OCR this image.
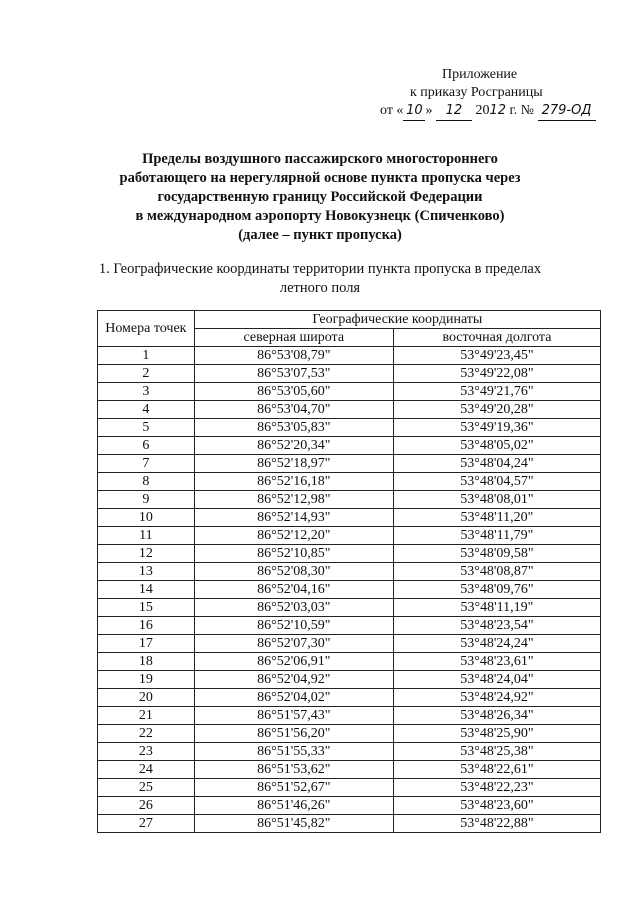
Приложение
к приказу Росграницы
от « 10 » 12 2012 г. № 279-ОД
Пределы воздушного пассажирского многостороннего
работающего на нерегулярной основе пункта пропуска через
государственную границу Российской Федерации
в международном аэропорту Новокузнецк (Спиченково)
(далее – пункт пропуска)
1. Географические координаты территории пункта пропуска в пределах летного поля
Номера точек	Географические координаты	
	северная широта	восточная долгота
1	86°53'08,79"	53°49'23,45"
2	86°53'07,53"	53°49'22,08"
3	86°53'05,60"	53°49'21,76"
4	86°53'04,70"	53°49'20,28"
5	86°53'05,83"	53°49'19,36"
6	86°52'20,34"	53°48'05,02"
7	86°52'18,97"	53°48'04,24"
8	86°52'16,18"	53°48'04,57"
9	86°52'12,98"	53°48'08,01"
10	86°52'14,93"	53°48'11,20"
11	86°52'12,20"	53°48'11,79"
12	86°52'10,85"	53°48'09,58"
13	86°52'08,30"	53°48'08,87"
14	86°52'04,16"	53°48'09,76"
15	86°52'03,03"	53°48'11,19"
16	86°52'10,59"	53°48'23,54"
17	86°52'07,30"	53°48'24,24"
18	86°52'06,91"	53°48'23,61"
19	86°52'04,92"	53°48'24,04"
20	86°52'04,02"	53°48'24,92"
21	86°51'57,43"	53°48'26,34"
22	86°51'56,20"	53°48'25,90"
23	86°51'55,33"	53°48'25,38"
24	86°51'53,62"	53°48'22,61"
25	86°51'52,67"	53°48'22,23"
26	86°51'46,26"	53°48'23,60"
27	86°51'45,82"	53°48'22,88"
